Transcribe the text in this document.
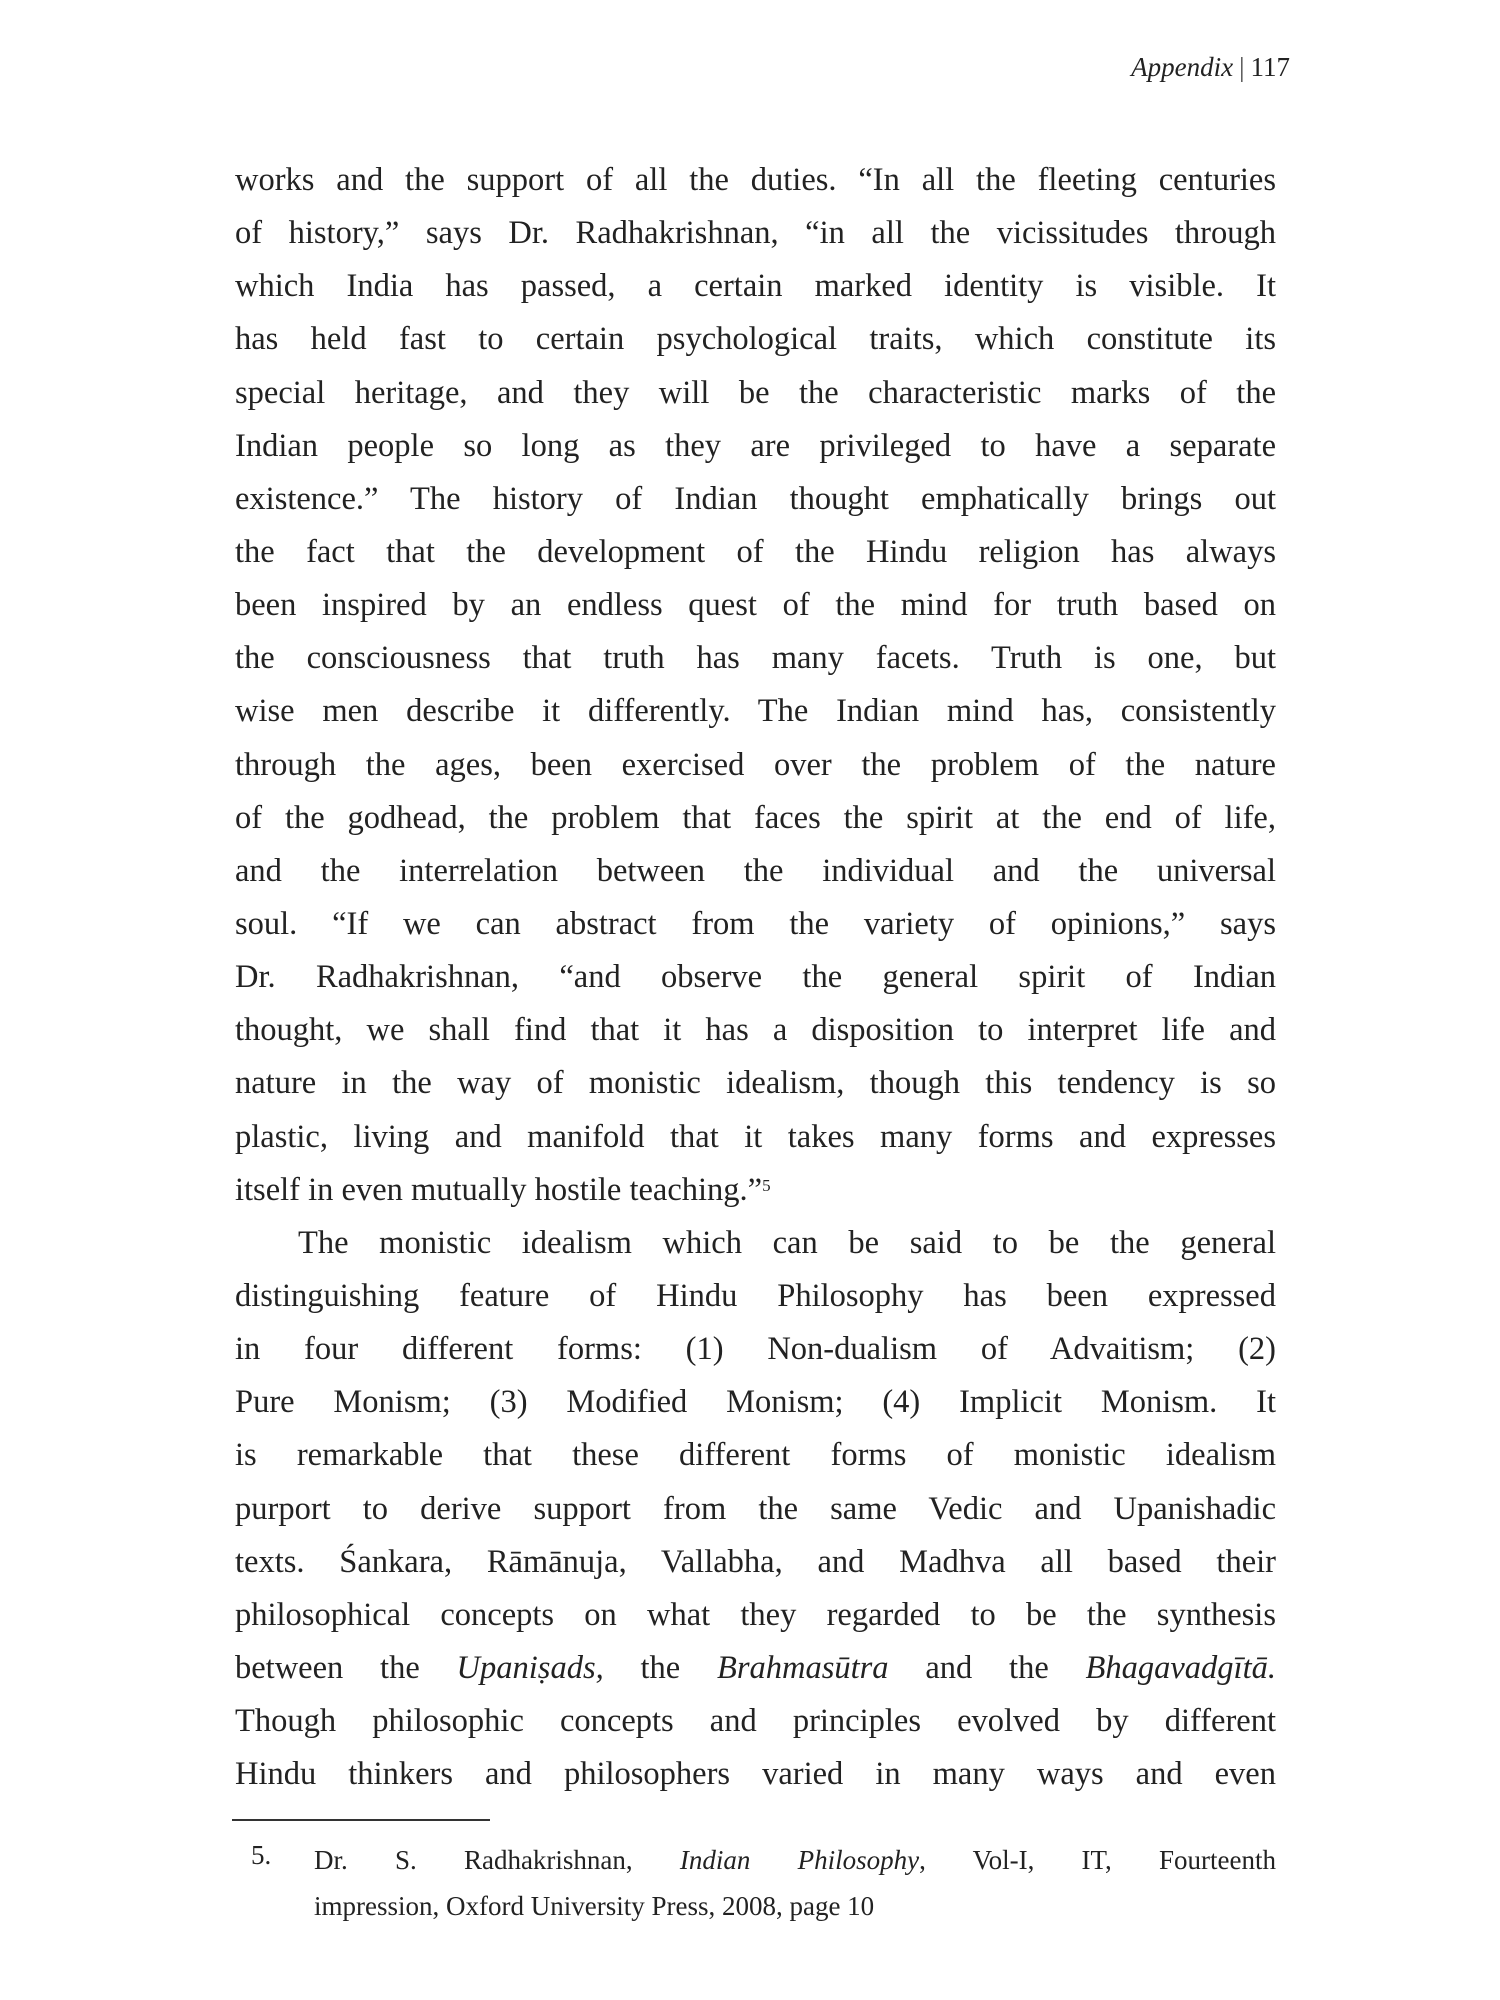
Appendix | 117
works and the support of all the duties. “In all the fleeting centuries
of history,” says Dr. Radhakrishnan, “in all the vicissitudes through
which India has passed, a certain marked identity is visible. It
has held fast to certain psychological traits, which constitute its
special heritage, and they will be the characteristic marks of the
Indian people so long as they are privileged to have a separate
existence.” The history of Indian thought emphatically brings out
the fact that the development of the Hindu religion has always
been inspired by an endless quest of the mind for truth based on
the consciousness that truth has many facets. Truth is one, but
wise men describe it differently. The Indian mind has, consistently
through the ages, been exercised over the problem of the nature
of the godhead, the problem that faces the spirit at the end of life,
and the interrelation between the individual and the universal
soul. “If we can abstract from the variety of opinions,” says
Dr. Radhakrishnan, “and observe the general spirit of Indian
thought, we shall find that it has a disposition to interpret life and
nature in the way of monistic idealism, though this tendency is so
plastic, living and manifold that it takes many forms and expresses
itself in even mutually hostile teaching.”$^5$
The monistic idealism which can be said to be the general
distinguishing feature of Hindu Philosophy has been expressed
in four different forms: (1) Non-dualism of Advaitism; (2)
Pure Monism; (3) Modified Monism; (4) Implicit Monism. It
is remarkable that these different forms of monistic idealism
purport to derive support from the same Vedic and Upanishadic
texts. Śankara, Rāmānuja, Vallabha, and Madhva all based their
philosophical concepts on what they regarded to be the synthesis
between the Upaniṣads, the Brahmasūtra and the Bhagavadgītā.
Though philosophic concepts and principles evolved by different
Hindu thinkers and philosophers varied in many ways and even
5. Dr. S. Radhakrishnan, Indian Philosophy, Vol-I, IT, Fourteenth
impression, Oxford University Press, 2008, page 10
